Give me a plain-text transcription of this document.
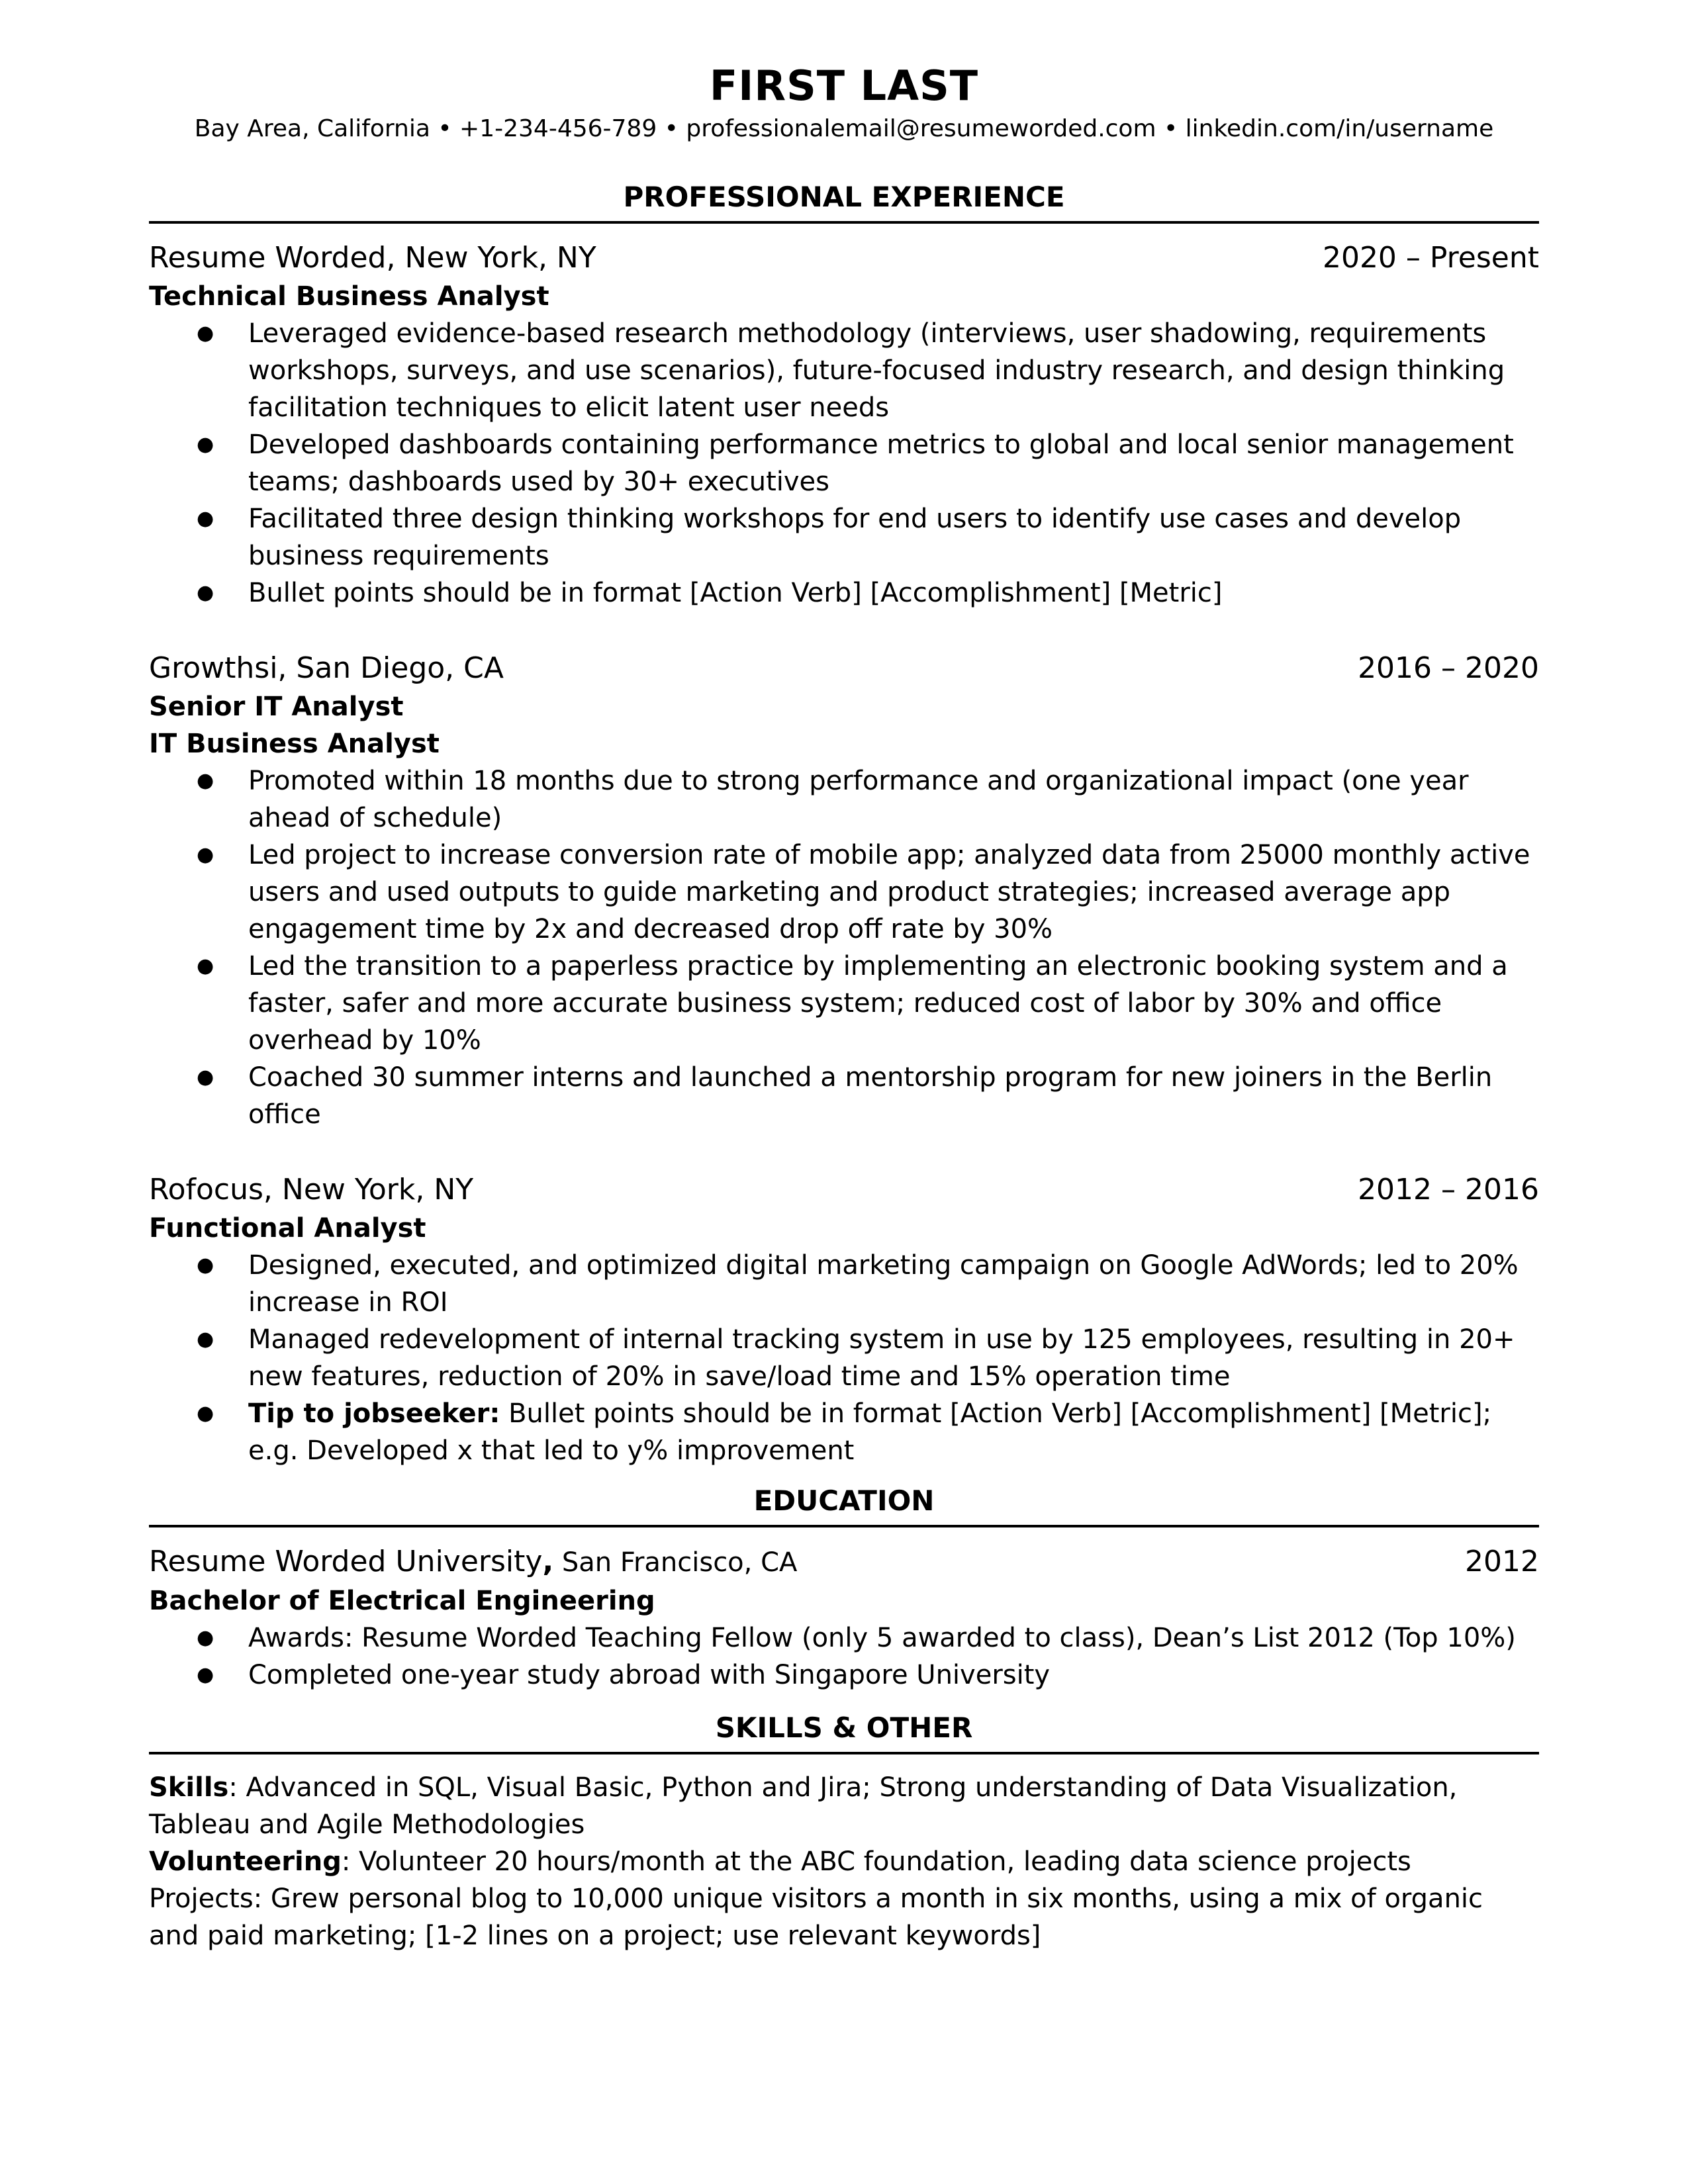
FIRST LAST
Bay Area, California • +1-234-456-789 • professionalemail@resumeworded.com • linkedin.com/in/username
PROFESSIONAL EXPERIENCE
Resume Worded, New York, NY	2020 – Present
Technical Business Analyst
● Leveraged evidence-based research methodology (interviews, user shadowing, requirements workshops, surveys, and use scenarios), future-focused industry research, and design thinking facilitation techniques to elicit latent user needs
● Developed dashboards containing performance metrics to global and local senior management teams; dashboards used by 30+ executives
● Facilitated three design thinking workshops for end users to identify use cases and develop business requirements
● Bullet points should be in format [Action Verb] [Accomplishment] [Metric]
Growthsi, San Diego, CA	2016 – 2020
Senior IT Analyst
IT Business Analyst
● Promoted within 18 months due to strong performance and organizational impact (one year ahead of schedule)
● Led project to increase conversion rate of mobile app; analyzed data from 25000 monthly active users and used outputs to guide marketing and product strategies; increased average app engagement time by 2x and decreased drop off rate by 30%
● Led the transition to a paperless practice by implementing an electronic booking system and a faster, safer and more accurate business system; reduced cost of labor by 30% and office overhead by 10%
● Coached 30 summer interns and launched a mentorship program for new joiners in the Berlin office
Rofocus, New York, NY	2012 – 2016
Functional Analyst
● Designed, executed, and optimized digital marketing campaign on Google AdWords; led to 20% increase in ROI
● Managed redevelopment of internal tracking system in use by 125 employees, resulting in 20+ new features, reduction of 20% in save/load time and 15% operation time
● Tip to jobseeker: Bullet points should be in format [Action Verb] [Accomplishment] [Metric]; e.g. Developed x that led to y% improvement
EDUCATION
Resume Worded University, San Francisco, CA	2012
Bachelor of Electrical Engineering
● Awards: Resume Worded Teaching Fellow (only 5 awarded to class), Dean’s List 2012 (Top 10%)
● Completed one-year study abroad with Singapore University
SKILLS & OTHER

Skills: Advanced in SQL, Visual Basic, Python and Jira; Strong understanding of Data Visualization, Tableau and Agile Methodologies

Volunteering: Volunteer 20 hours/month at the ABC foundation, leading data science projects

Projects: Grew personal blog to 10,000 unique visitors a month in six months, using a mix of organic and paid marketing; [1-2 lines on a project; use relevant keywords]
